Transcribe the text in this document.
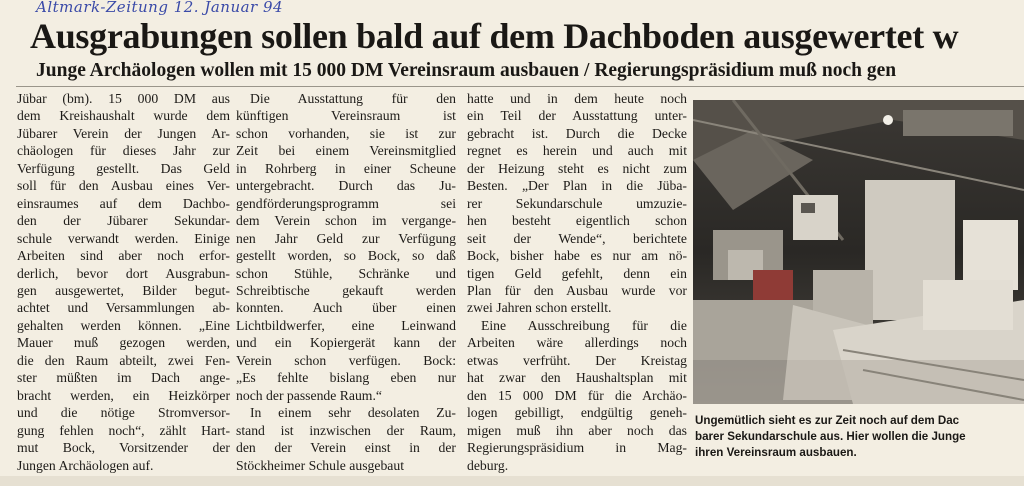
Altmark-Zeitung 12. Januar 94
Ausgrabungen sollen bald auf dem Dachboden ausgewertet w
Junge Archäologen wollen mit 15 000 DM Vereinsraum ausbauen / Regierungspräsidium muß noch gen
Jübar (bm). 15 000 DM aus
dem Kreishaushalt wurde dem
Jübarer Verein der Jungen Ar-
chäologen für dieses Jahr zur
Verfügung gestellt. Das Geld
soll für den Ausbau eines Ver-
einsraumes auf dem Dachbo-
den der Jübarer Sekundar-
schule verwandt werden. Einige
Arbeiten sind aber noch erfor-
derlich, bevor dort Ausgrabun-
gen ausgewertet, Bilder begut-
achtet und Versammlungen ab-
gehalten werden können. „Eine
Mauer muß gezogen werden,
die den Raum abteilt, zwei Fen-
ster müßten im Dach ange-
bracht werden, ein Heizkörper
und die nötige Stromversor-
gung fehlen noch“, zählt Hart-
mut Bock, Vorsitzender der
Jungen Archäologen auf.
Die Ausstattung für den
künftigen Vereinsraum ist
schon vorhanden, sie ist zur
Zeit bei einem Vereinsmitglied
in Rohrberg in einer Scheune
untergebracht. Durch das Ju-
gendförderungsprogramm sei
dem Verein schon im vergange-
nen Jahr Geld zur Verfügung
gestellt worden, so Bock, so daß
schon Stühle, Schränke und
Schreibtische gekauft werden
konnten. Auch über einen
Lichtbildwerfer, eine Leinwand
und ein Kopiergerät kann der
Verein schon verfügen. Bock:
„Es fehlte bislang eben nur
noch der passende Raum.“
In einem sehr desolaten Zu-
stand ist inzwischen der Raum,
den der Verein einst in der
Stöckheimer Schule ausgebaut
hatte und in dem heute noch
ein Teil der Ausstattung unter-
gebracht ist. Durch die Decke
regnet es herein und auch mit
der Heizung steht es nicht zum
Besten. „Der Plan in die Jüba-
rer Sekundarschule umzuzie-
hen besteht eigentlich schon
seit der Wende“, berichtete
Bock, bisher habe es nur am nö-
tigen Geld gefehlt, denn ein
Plan für den Ausbau wurde vor
zwei Jahren schon erstellt.
Eine Ausschreibung für die
Arbeiten wäre allerdings noch
etwas verfrüht. Der Kreistag
hat zwar den Haushaltsplan mit
den 15 000 DM für die Archäo-
logen gebilligt, endgültig geneh-
migen muß ihn aber noch das
Regierungspräsidium in Mag-
deburg.
Ungemütlich sieht es zur Zeit noch auf dem Dac
barer Sekundarschule aus. Hier wollen die Junge
ihren Vereinsraum ausbauen.
